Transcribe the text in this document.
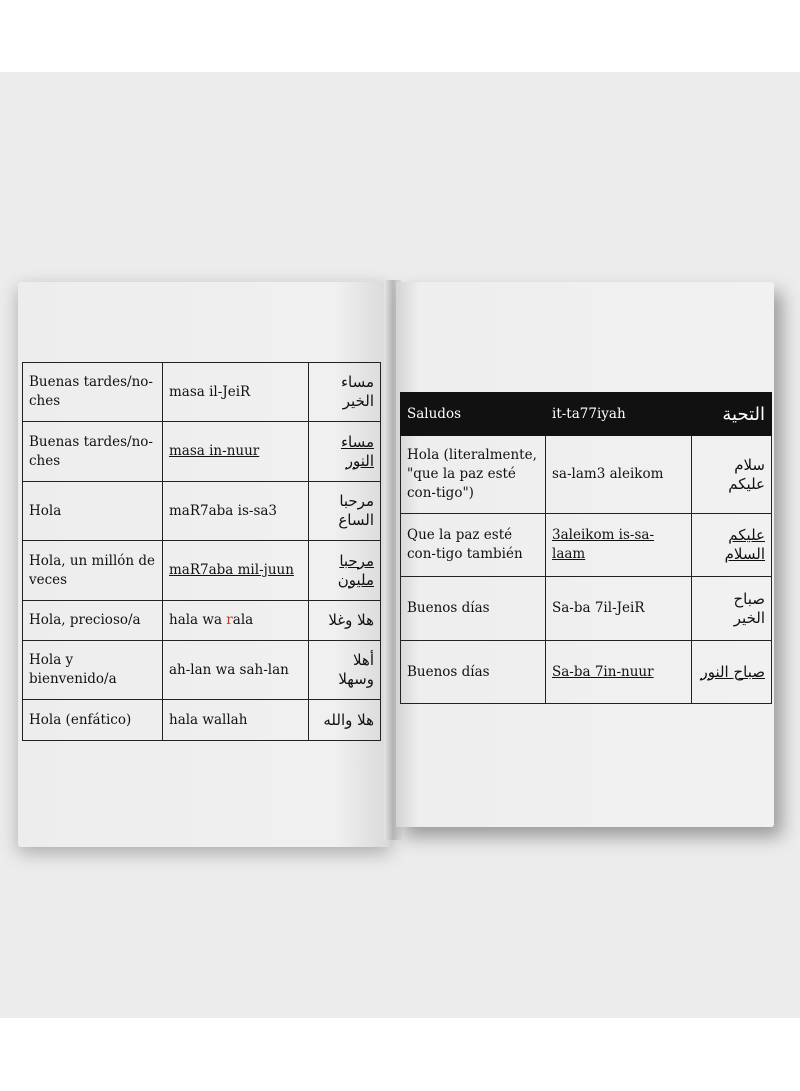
Buenas tardes/no-ches	masa il-JeiR	مساء الخير
Buenas tardes/no-ches	masa in-nuur	مساء النور
Hola	maR7aba is-sa3	مرحبا الساع
Hola, un millón de veces	maR7aba mil-juun	مرحبا مليون
Hola, precioso/a	hala wa rala	هلا وغلا
Hola y bienvenido/a	ah-lan wa sah-lan	أهلا وسهلا
Hola (enfático)	hala wallah	هلا والله
Saludos	it-ta77iyah	التحية
Hola (literalmente, "que la paz esté con-tigo")	sa-lam3 aleikom	سلام عليكم
Que la paz esté con-tigo también	3aleikom is-sa-laam	عليكم السلام
Buenos días	Sa-ba 7il-JeiR	صباح الخير
Buenos días	Sa-ba 7in-nuur	صباح النور
